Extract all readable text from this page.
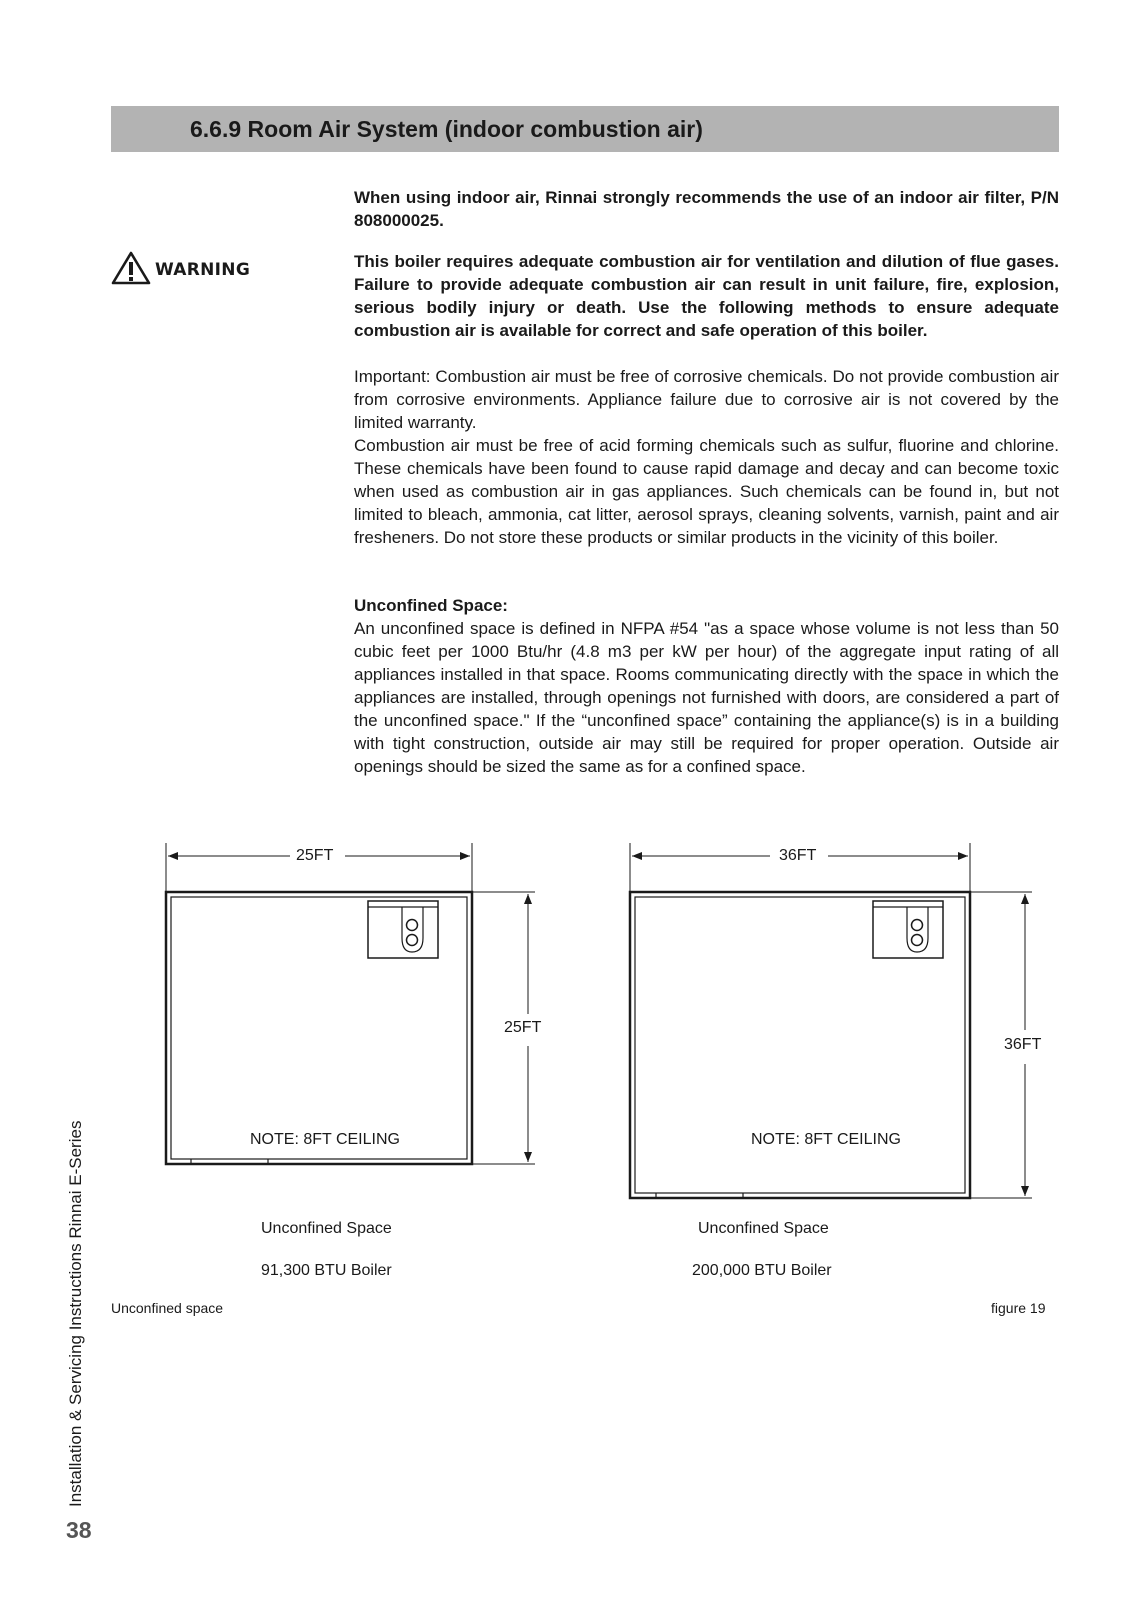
6.6.9 Room Air System (indoor combustion air)

When using indoor air, Rinnai strongly recommends the use of an indoor air filter, P/N 808000025.

WARNING	This boiler requires adequate combustion air for ventilation and dilution of flue gases. Failure to provide adequate combustion air can result in unit failure, fire, explosion, serious bodily injury or death. Use the following methods to ensure adequate combustion air is available for correct and safe operation of this boiler.

Important: Combustion air must be free of corrosive chemicals. Do not provide combustion air from corrosive environments. Appliance failure due to corrosive air is not covered by the limited warranty.

Combustion air must be free of acid forming chemicals such as sulfur, fluorine and chlorine. These chemicals have been found to cause rapid damage and decay and can become toxic when used as combustion air in gas appliances. Such chemicals can be found in, but not limited to bleach, ammonia, cat litter, aerosol sprays, cleaning solvents, varnish, paint and air fresheners. Do not store these products or similar products in the vicinity of this boiler.

Unconfined Space:

An unconfined space is defined in NFPA #54 "as a space whose volume is not less than 50 cubic feet per 1000 Btu/hr (4.8 m3 per kW per hour) of the aggregate input rating of all appliances installed in that space. Rooms communicating directly with the space in which the appliances are installed, through openings not furnished with doors, are considered a part of the unconfined space." If the “unconfined space” containing the appliance(s) is in a building with tight construction, outside air may still be required for proper operation. Outside air openings should be sized the same as for a confined space.

25FT
25FT
NOTE: 8FT CEILING
Unconfined Space
91,300 BTU Boiler
36FT
36FT
NOTE: 8FT CEILING
Unconfined Space
200,000 BTU Boiler
Unconfined space	figure 19
Installation & Servicing Instructions Rinnai E-Series
38
